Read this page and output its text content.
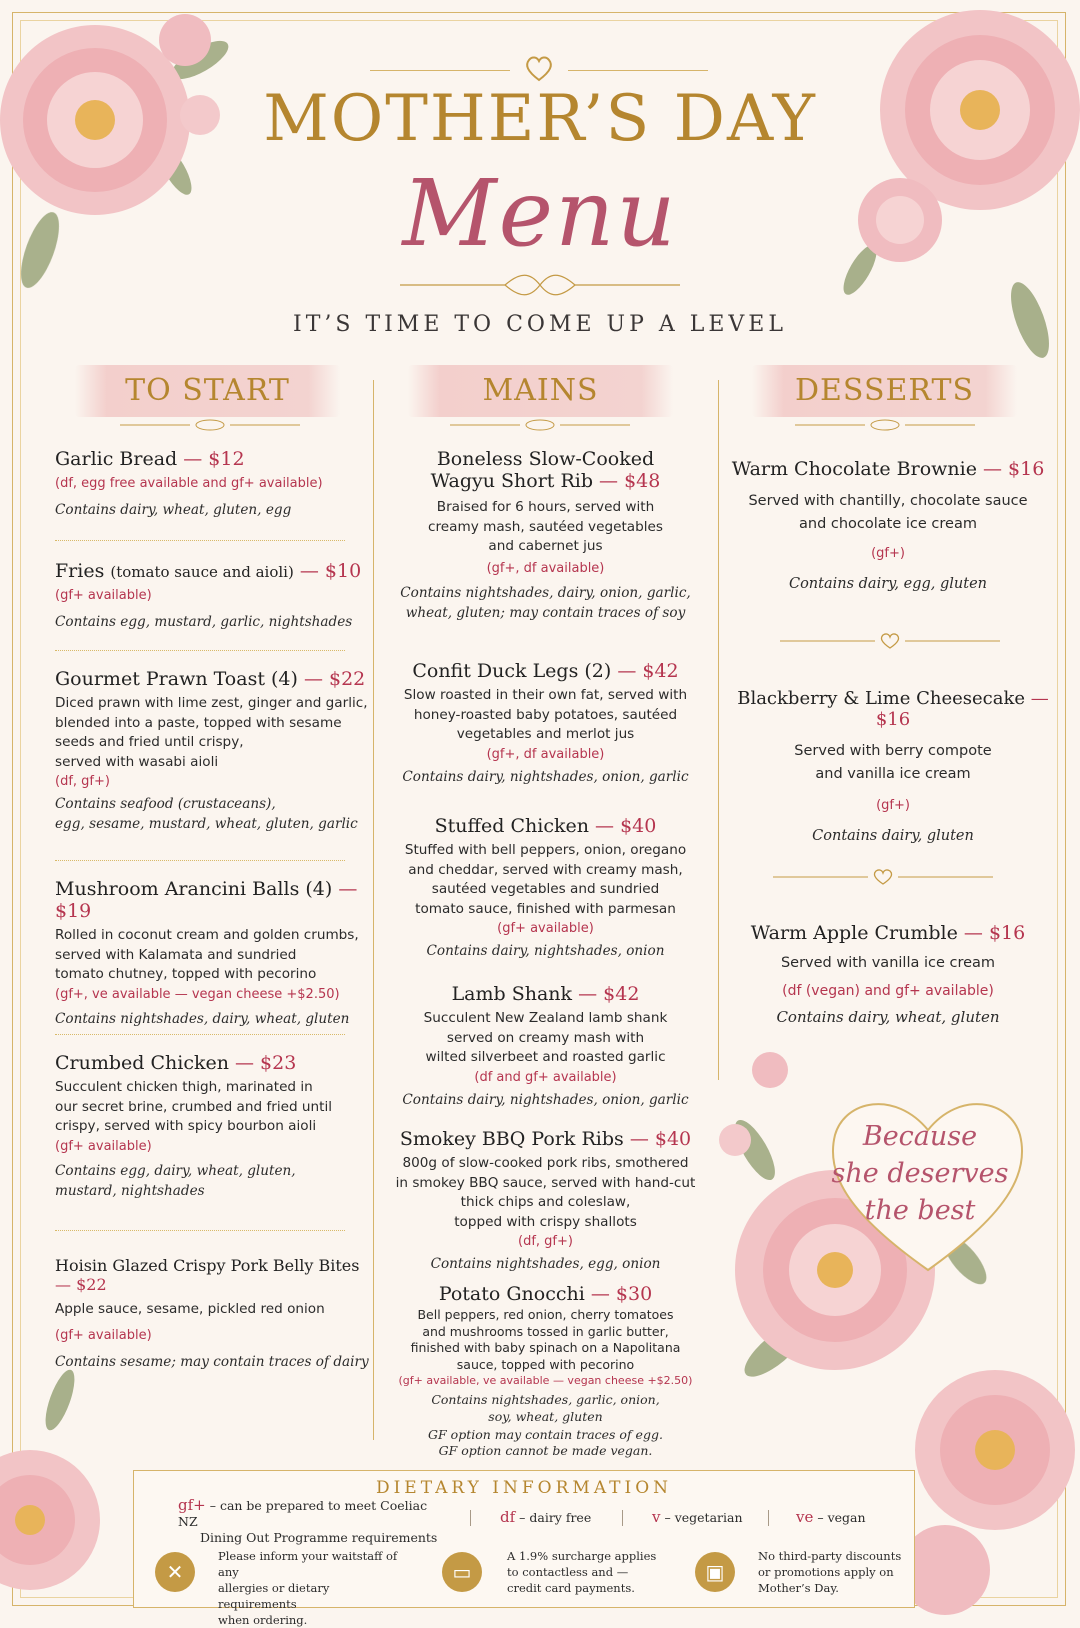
MOTHER’S DAY
Menu
IT’S TIME TO COME UP A LEVEL
TO START	MAINS	DESSERTS
Garlic Bread — $12
(df, egg free available and gf+ available)
Contains dairy, wheat, gluten, egg
Fries (tomato sauce and aioli) — $10
(gf+ available)
Contains egg, mustard, garlic, nightshades
Gourmet Prawn Toast (4) — $22
Diced prawn with lime zest, ginger and garlic,
blended into a paste, topped with sesame
seeds and fried until crispy,
served with wasabi aioli
(df, gf+)
Contains seafood (crustaceans),
egg, sesame, mustard, wheat, gluten, garlic
Mushroom Arancini Balls (4) — $19
Rolled in coconut cream and golden crumbs,
served with Kalamata and sundried
tomato chutney, topped with pecorino
(gf+, ve available — vegan cheese +$2.50)
Contains nightshades, dairy, wheat, gluten
Crumbed Chicken — $23
Succulent chicken thigh, marinated in
our secret brine, crumbed and fried until
crispy, served with spicy bourbon aioli
(gf+ available)
Contains egg, dairy, wheat, gluten,
mustard, nightshades
Hoisin Glazed Crispy Pork Belly Bites — $22
Apple sauce, sesame, pickled red onion
(gf+ available)
Contains sesame; may contain traces of dairy
Boneless Slow-Cooked
Wagyu Short Rib — $48
Braised for 6 hours, served with
creamy mash, sautéed vegetables
and cabernet jus
(gf+, df available)
Contains nightshades, dairy, onion, garlic,
wheat, gluten; may contain traces of soy
Confit Duck Legs (2) — $42
Slow roasted in their own fat, served with
honey-roasted baby potatoes, sautéed
vegetables and merlot jus
(gf+, df available)
Contains dairy, nightshades, onion, garlic
Stuffed Chicken — $40
Stuffed with bell peppers, onion, oregano
and cheddar, served with creamy mash,
sautéed vegetables and sundried
tomato sauce, finished with parmesan
(gf+ available)
Contains dairy, nightshades, onion
Lamb Shank — $42
Succulent New Zealand lamb shank
served on creamy mash with
wilted silverbeet and roasted garlic
(df and gf+ available)
Contains dairy, nightshades, onion, garlic
Smokey BBQ Pork Ribs — $40
800g of slow-cooked pork ribs, smothered
in smokey BBQ sauce, served with hand-cut
thick chips and coleslaw,
topped with crispy shallots
(df, gf+)
Contains nightshades, egg, onion
Potato Gnocchi — $30
Bell peppers, red onion, cherry tomatoes
and mushrooms tossed in garlic butter,
finished with baby spinach on a Napolitana
sauce, topped with pecorino
(gf+ available, ve available — vegan cheese +$2.50)
Contains nightshades, garlic, onion,
soy, wheat, gluten
GF option may contain traces of egg.
GF option cannot be made vegan.
Warm Chocolate Brownie — $16
Served with chantilly, chocolate sauce
and chocolate ice cream
(gf+)
Contains dairy, egg, gluten
Blackberry & Lime Cheesecake — $16
Served with berry compote
and vanilla ice cream
(gf+)
Contains dairy, gluten
Warm Apple Crumble — $16
Served with vanilla ice cream
(df (vegan) and gf+ available)
Contains dairy, wheat, gluten
Because
she deserves
the best
DIETARY INFORMATION
gf+ – can be prepared to meet Coeliac NZ
Dining Out Programme requirements
df – dairy free	v – vegetarian	ve – vegan
✕
Please inform your waitstaff of any
allergies or dietary requirements
when ordering.
▭
A 1.9% surcharge applies
to contactless and —
credit card payments.
▣
No third-party discounts
or promotions apply on
Mother’s Day.
